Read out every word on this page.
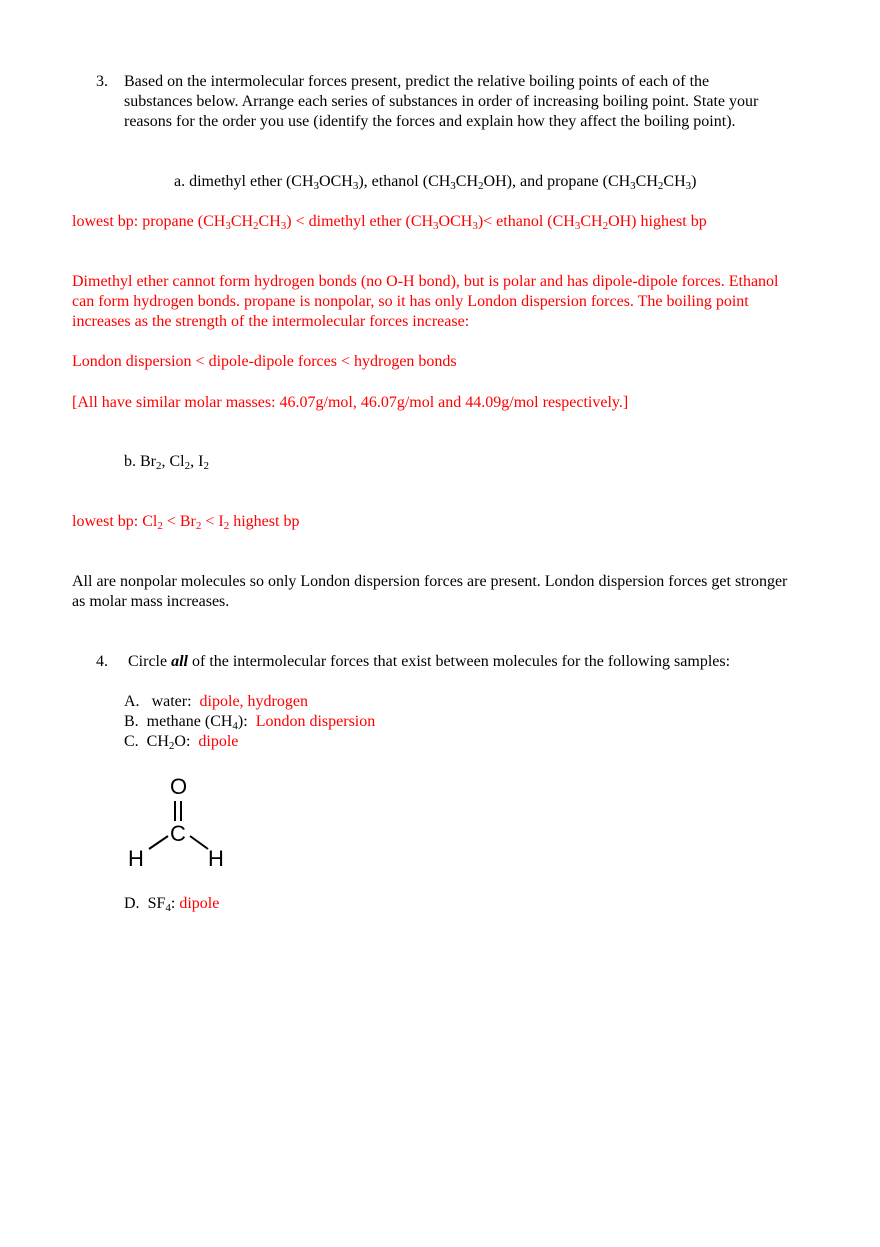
3. Based on the intermolecular forces present, predict the relative boiling points of each of the substances below. Arrange each series of substances in order of increasing boiling point. State your reasons for the order you use (identify the forces and explain how they affect the boiling point).

a. dimethyl ether $(CH_3OCH_3)$, ethanol $(CH_3CH_2OH)$, and propane $(CH_3CH_2CH_3)$

lowest bp: propane $(CH_3CH_2CH_3)$ < dimethyl ether $(CH_3OCH_3)<$ ethanol $(CH_3CH_2OH)$ highest bp

Dimethyl ether cannot form hydrogen bonds (no O-H bond), but is polar and has dipole-dipole forces. Ethanol can form hydrogen bonds. propane is nonpolar, so it has only London dispersion forces. The boiling point increases as the strength of the intermolecular forces increase:

London dispersion < dipole-dipole forces < hydrogen bonds

[All have similar molar masses: 46.07g/mol, 46.07g/mol and 44.09g/mol respectively.]

b. $Br_2$, $Cl_2$, $I_2$

lowest bp: $Cl_2 < Br_2 < I_2$ highest bp

All are nonpolar molecules so only London dispersion forces are present. London dispersion forces get stronger as molar mass increases.

4. Circle all of the intermolecular forces that exist between molecules for the following samples:

A. water: dipole, hydrogen

B. methane $(CH_4)$: London dispersion

C. $CH_2O$: dipole

O
C
H	H

D. $SF_4$: dipole
